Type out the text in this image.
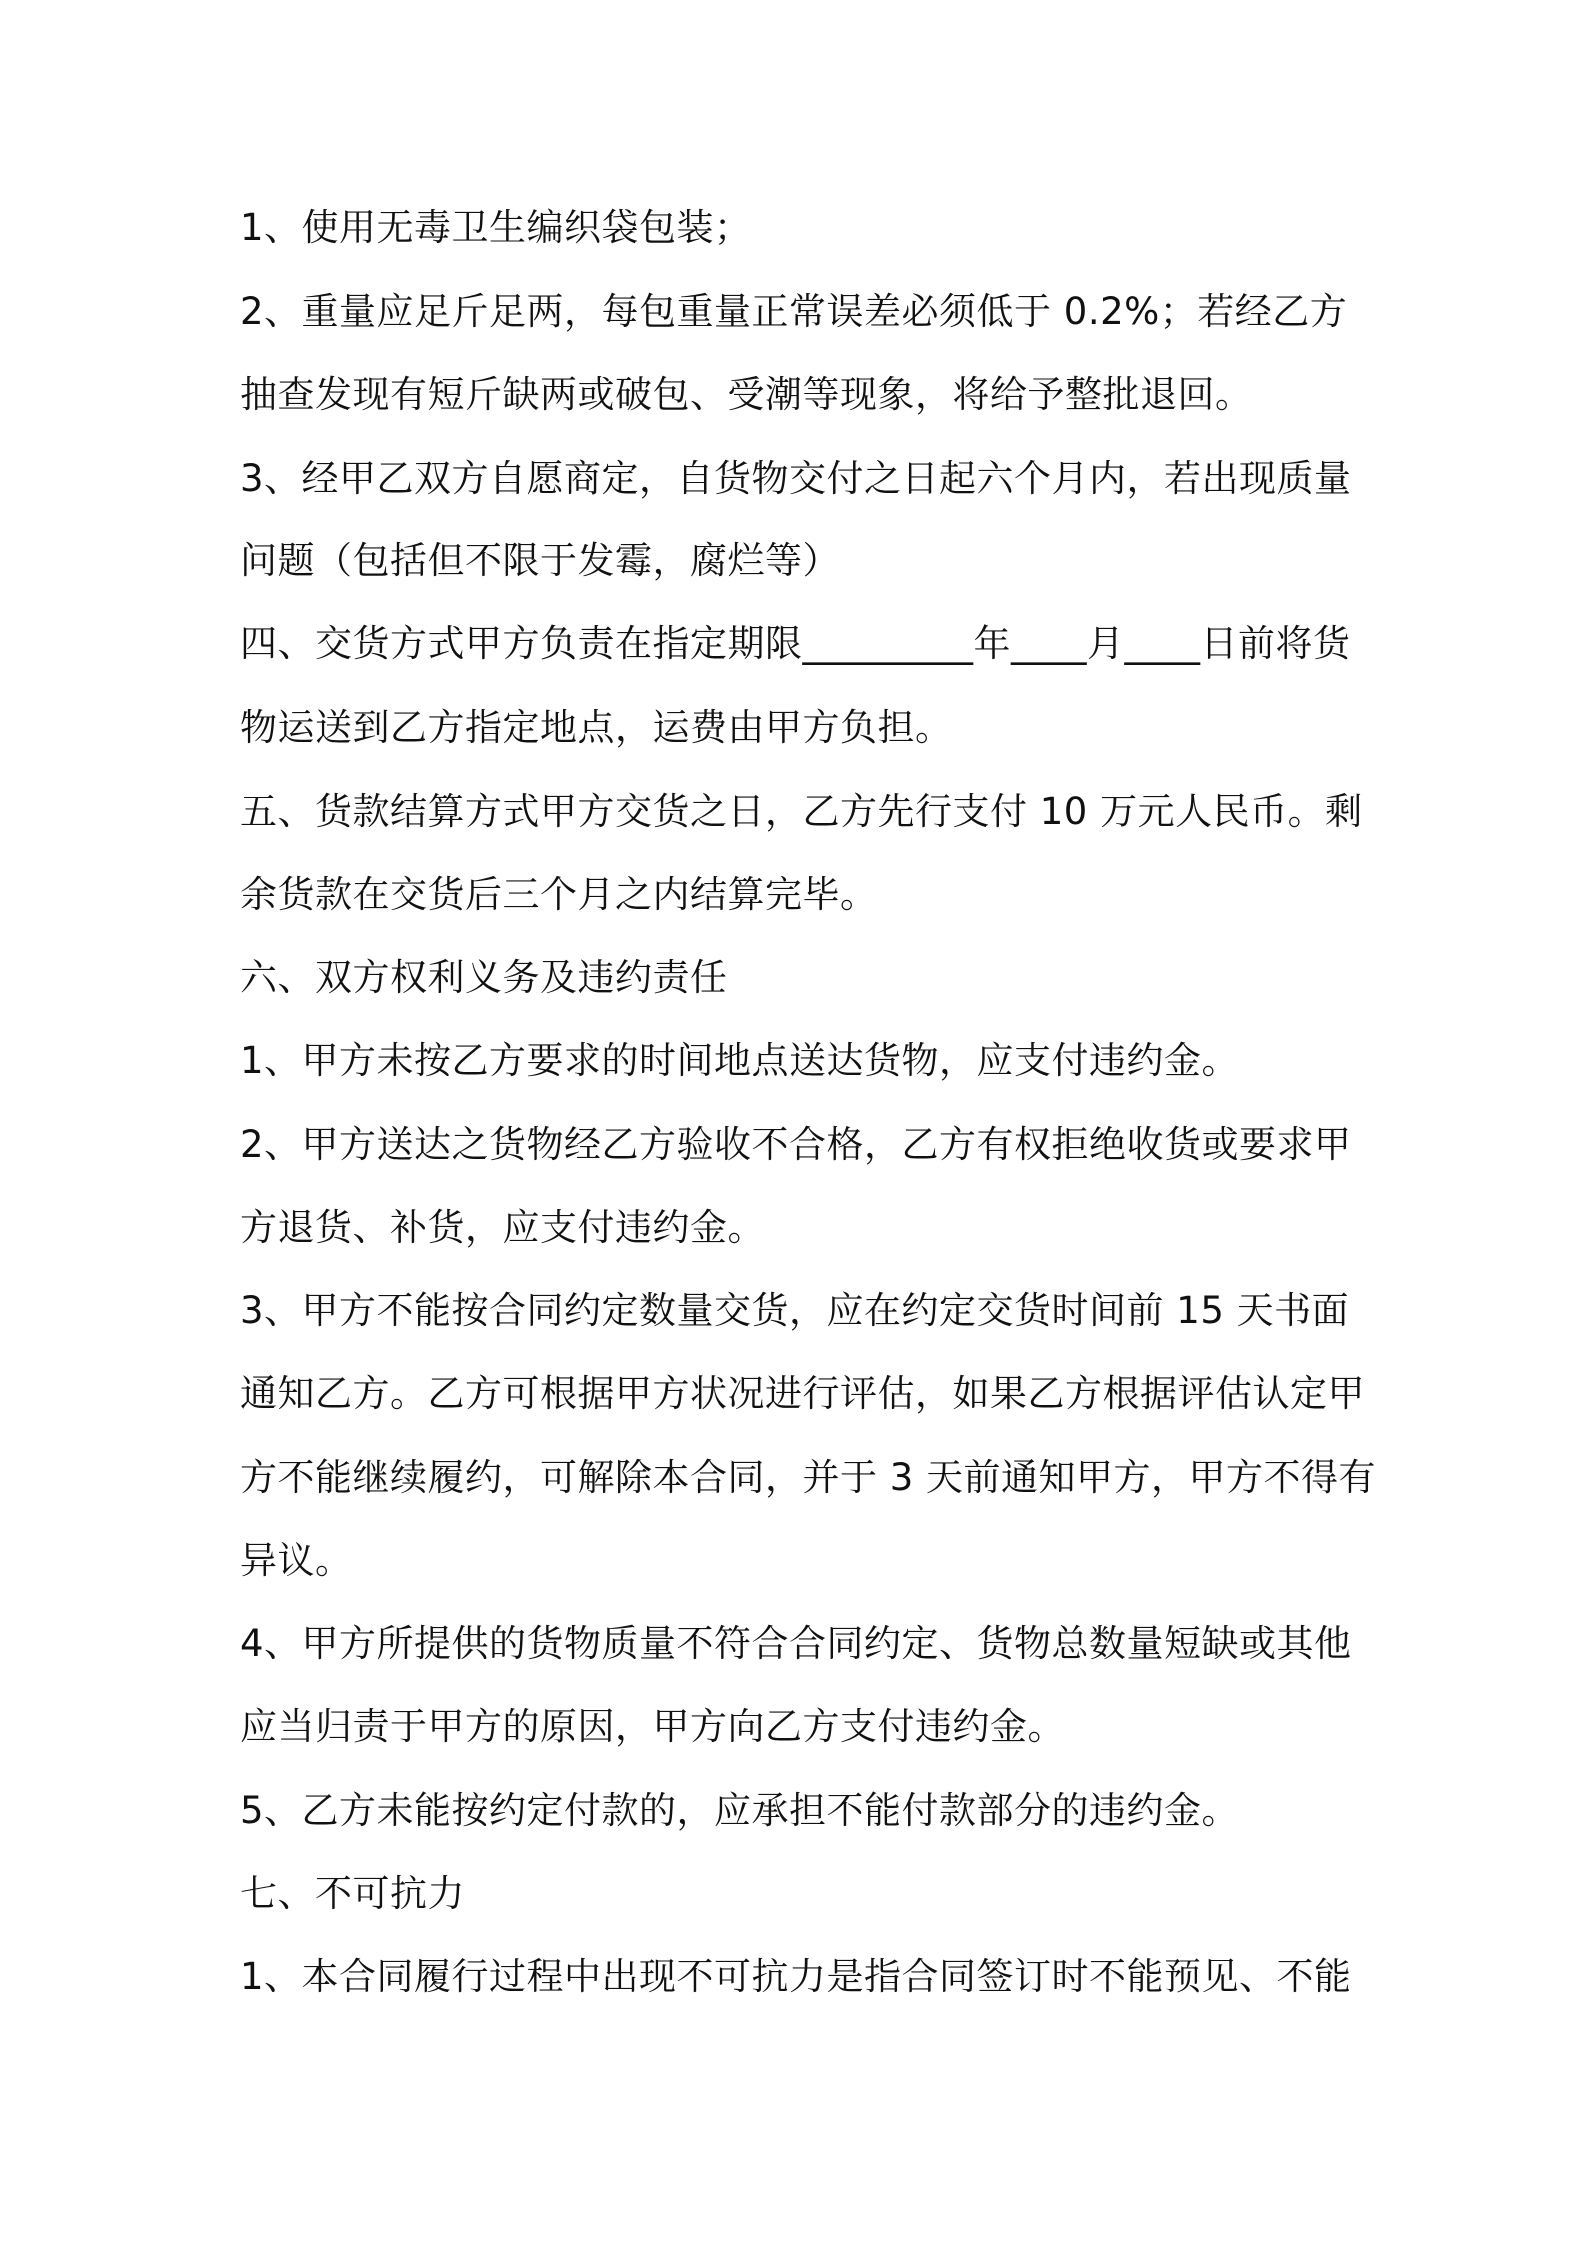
1、使用无毒卫生编织袋包装；
2、重量应足斤足两，每包重量正常误差必须低于 0.2%；若经乙方
抽查发现有短斤缺两或破包、受潮等现象，将给予整批退回。
3、经甲乙双方自愿商定，自货物交付之日起六个月内，若出现质量
问题（包括但不限于发霉，腐烂等）
四、交货方式甲方负责在指定期限_________年____月____日前将货
物运送到乙方指定地点，运费由甲方负担。
五、货款结算方式甲方交货之日，乙方先行支付 10 万元人民币。剩
余货款在交货后三个月之内结算完毕。
六、双方权利义务及违约责任
1、甲方未按乙方要求的时间地点送达货物，应支付违约金。
2、甲方送达之货物经乙方验收不合格，乙方有权拒绝收货或要求甲
方退货、补货，应支付违约金。
3、甲方不能按合同约定数量交货，应在约定交货时间前 15 天书面
通知乙方。乙方可根据甲方状况进行评估，如果乙方根据评估认定甲
方不能继续履约，可解除本合同，并于 3 天前通知甲方，甲方不得有
异议。
4、甲方所提供的货物质量不符合合同约定、货物总数量短缺或其他
应当归责于甲方的原因，甲方向乙方支付违约金。
5、乙方未能按约定付款的，应承担不能付款部分的违约金。
七、不可抗力
1、本合同履行过程中出现不可抗力是指合同签订时不能预见、不能
